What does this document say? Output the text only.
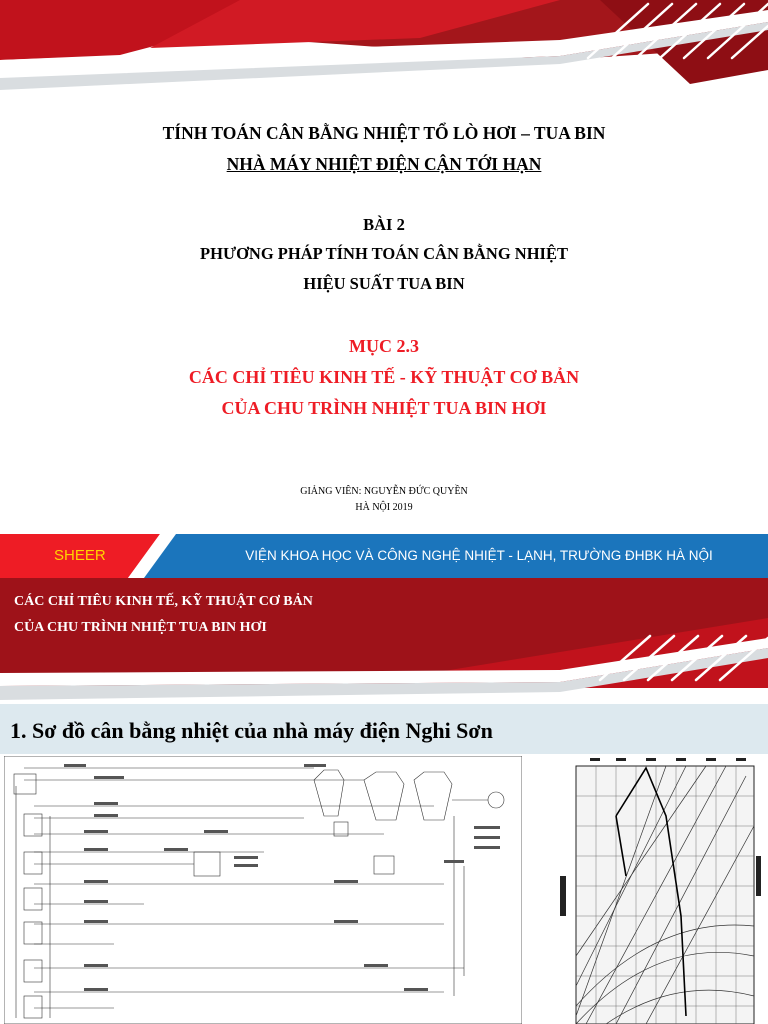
TÍNH TOÁN CÂN BẰNG NHIỆT TỔ LÒ HƠI – TUA BIN
NHÀ MÁY NHIỆT ĐIỆN CẬN TỚI HẠN
BÀI 2
PHƯƠNG PHÁP TÍNH TOÁN CÂN BẰNG NHIỆT
HIỆU SUẤT TUA BIN
MỤC 2.3
CÁC CHỈ TIÊU KINH TẾ - KỸ THUẬT CƠ BẢN
CỦA CHU TRÌNH NHIỆT TUA BIN HƠI
GIẢNG VIÊN: NGUYỄN ĐỨC QUYỀN
HÀ NỘI 2019
SHEER	VIỆN KHOA HỌC VÀ CÔNG NGHỆ NHIỆT - LẠNH, TRƯỜNG ĐHBK HÀ NỘI
CÁC CHỈ TIÊU KINH TẾ, KỸ THUẬT CƠ BẢN
CỦA CHU TRÌNH NHIỆT TUA BIN HƠI
1. Sơ đồ cân bằng nhiệt của nhà máy điện Nghi Sơn
